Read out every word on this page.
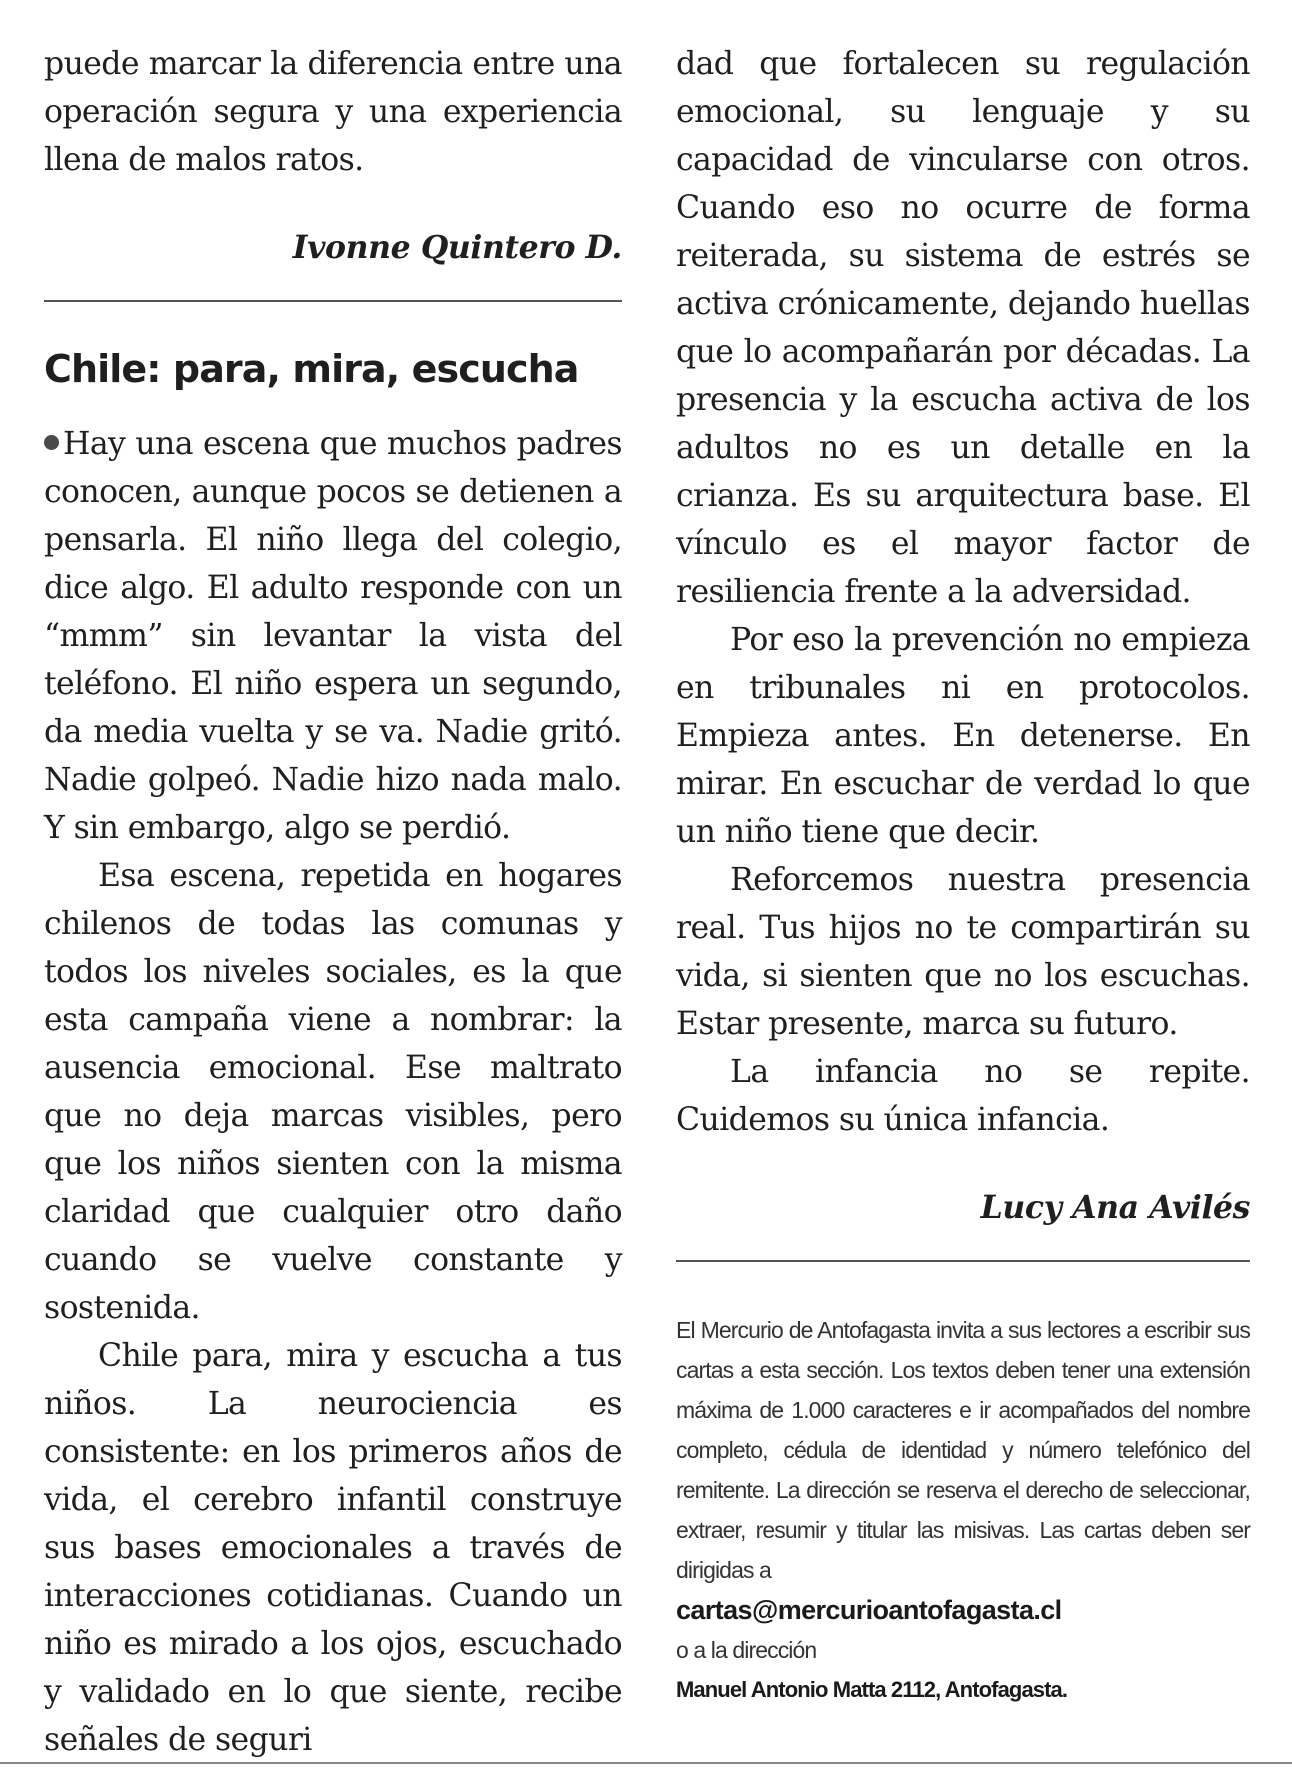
puede marcar la diferencia entre una operación segura y una experiencia llena de malos ratos.

Ivonne Quintero D.

Chile: para, mira, escucha

Hay una escena que muchos padres conocen, aunque pocos se detienen a pensarla. El niño llega del colegio, dice algo. El adulto responde con un “mmm” sin levantar la vista del teléfono. El niño espera un segundo, da media vuelta y se va. Nadie gritó. Nadie golpeó. Nadie hizo nada malo. Y sin embargo, algo se perdió.

Esa escena, repetida en hogares chilenos de todas las comunas y todos los niveles sociales, es la que esta campaña viene a nombrar: la ausencia emocional. Ese maltrato que no deja marcas visibles, pero que los niños sienten con la misma claridad que cualquier otro daño cuando se vuelve constante y sostenida.

Chile para, mira y escucha a tus niños. La neurociencia es consistente: en los primeros años de vida, el cerebro infantil construye sus bases emocionales a través de interacciones cotidianas. Cuando un niño es mirado a los ojos, escuchado y validado en lo que siente, recibe señales de seguri

dad que fortalecen su regulación emocional, su lenguaje y su capacidad de vincularse con otros. Cuando eso no ocurre de forma reiterada, su sistema de estrés se activa crónicamente, dejando huellas que lo acompañarán por décadas. La presencia y la escucha activa de los adultos no es un detalle en la crianza. Es su arquitectura base. El vínculo es el mayor factor de resiliencia frente a la adversidad.

Por eso la prevención no empieza en tribunales ni en protocolos. Empieza antes. En detenerse. En mirar. En escuchar de verdad lo que un niño tiene que decir.

Reforcemos nuestra presencia real. Tus hijos no te compartirán su vida, si sienten que no los escuchas. Estar presente, marca su futuro.

La infancia no se repite. Cuidemos su única infancia.

Lucy Ana Avilés

El Mercurio de Antofagasta invita a sus lectores a escribir sus cartas a esta sección. Los textos deben tener una extensión máxima de 1.000 caracteres e ir acompañados del nombre completo, cédula de identidad y número telefónico del remitente. La dirección se reserva el derecho de seleccionar, extraer, resumir y titular las misivas. Las cartas deben ser dirigidas a

cartas@mercurioantofagasta.cl

o a la dirección

Manuel Antonio Matta 2112, Antofagasta.
